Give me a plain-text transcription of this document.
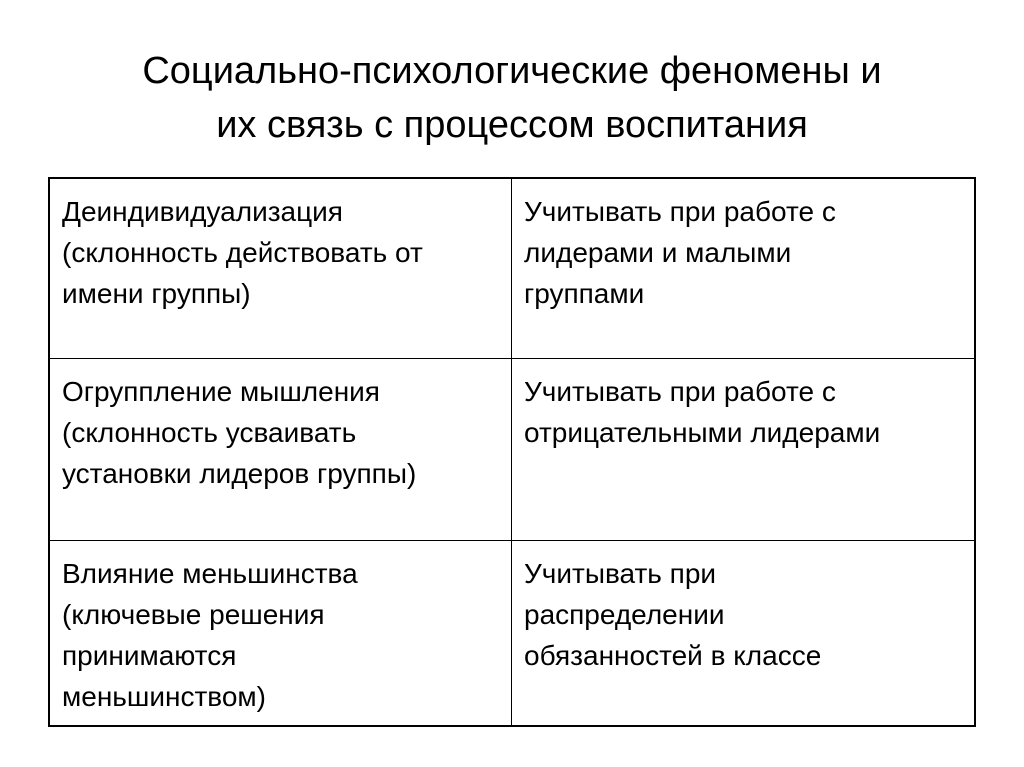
Социально-психологические феномены и
их связь с процессом воспитания
Деиндивидуализация
(склонность действовать от
имени группы)
Учитывать при работе с
лидерами и малыми
группами
Огруппление мышления
(склонность усваивать
установки лидеров группы)
Учитывать при работе с
отрицательными лидерами
Влияние меньшинства
(ключевые решения
принимаются
меньшинством)
Учитывать при
распределении
обязанностей в классе
